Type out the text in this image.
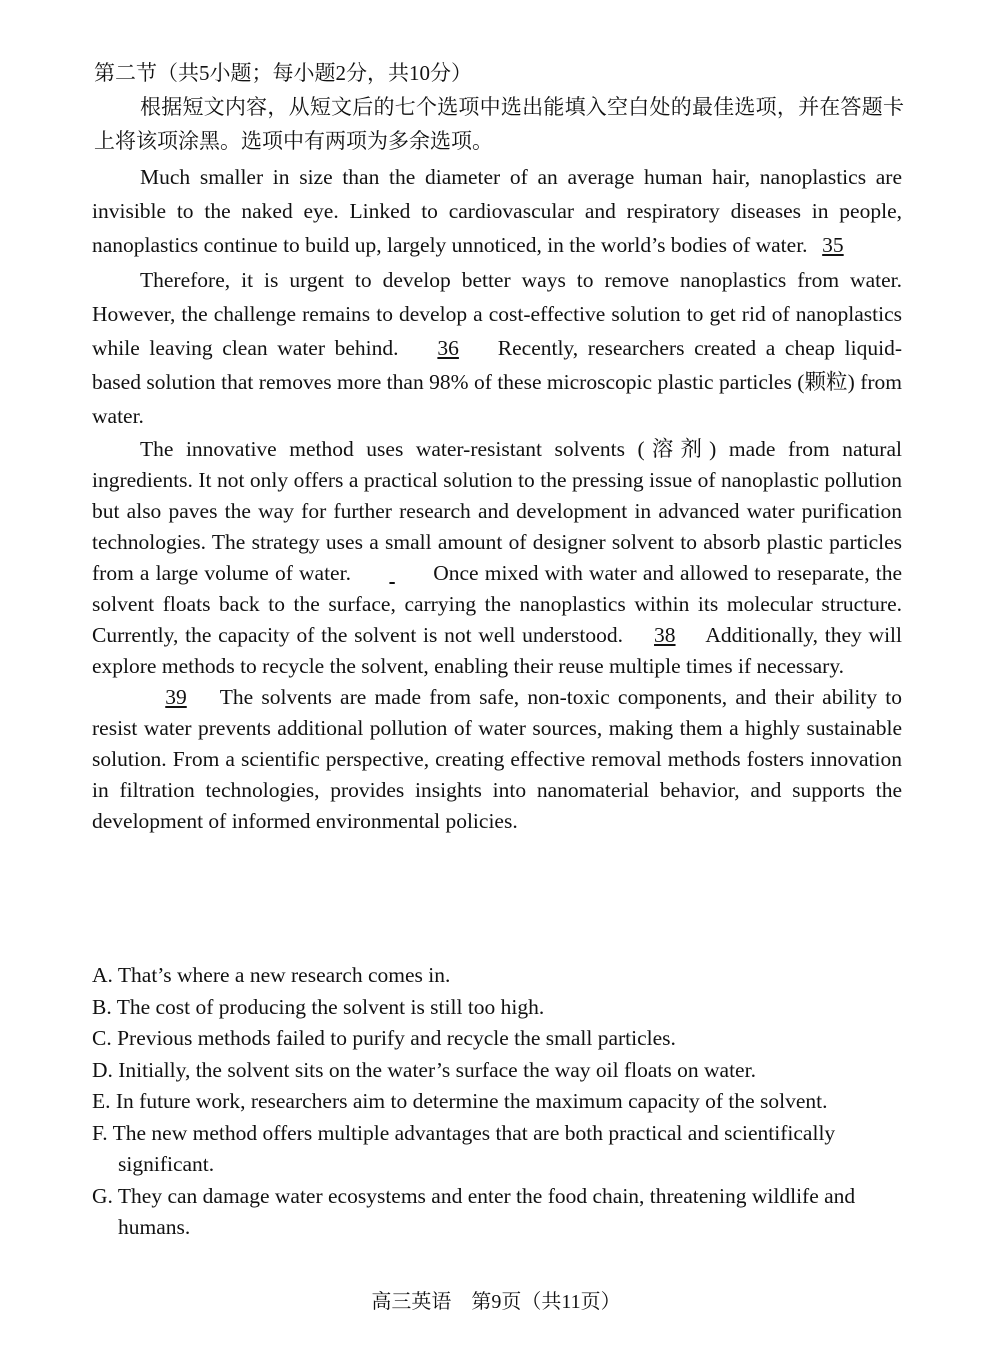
第二节（共5小题；每小题2分，共10分）

根据短文内容，从短文后的七个选项中选出能填入空白处的最佳选项，并在答题卡上将该项涂黑。选项中有两项为多余选项。

Much smaller in size than the diameter of an average human hair, nanoplastics are invisible to the naked eye. Linked to cardiovascular and respiratory diseases in people, nanoplastics continue to build up, largely unnoticed, in the world’s bodies of water. 35

Therefore, it is urgent to develop better ways to remove nanoplastics from water. However, the challenge remains to develop a cost-effective solution to get rid of nanoplastics while leaving clean water behind. 36 Recently, researchers created a cheap liquid-based solution that removes more than 98% of these microscopic plastic particles (颗粒) from water.

The innovative method uses water-resistant solvents (溶剂) made from natural ingredients. It not only offers a practical solution to the pressing issue of nanoplastic pollution but also paves the way for further research and development in advanced water purification technologies. The strategy uses a small amount of designer solvent to absorb plastic particles from a large volume of water.	Once mixed with water and allowed to reseparate, the solvent floats back to the surface, carrying the nanoplastics within its molecular structure. Currently, the capacity of the solvent is not well understood. 38 Additionally, they will explore methods to recycle the solvent, enabling their reuse multiple times if necessary.

39 The solvents are made from safe, non-toxic components, and their ability to resist water prevents additional pollution of water sources, making them a highly sustainable solution. From a scientific perspective, creating effective removal methods fosters innovation in filtration technologies, provides insights into nanomaterial behavior, and supports the development of informed environmental policies.

A. That’s where a new research comes in.
B. The cost of producing the solvent is still too high.
C. Previous methods failed to purify and recycle the small particles.
D. Initially, the solvent sits on the water’s surface the way oil floats on water.
E. In future work, researchers aim to determine the maximum capacity of the solvent.
F. The new method offers multiple advantages that are both practical and scientifically significant.
G. They can damage water ecosystems and enter the food chain, threatening wildlife and humans.

高三英语　第9页（共11页）
